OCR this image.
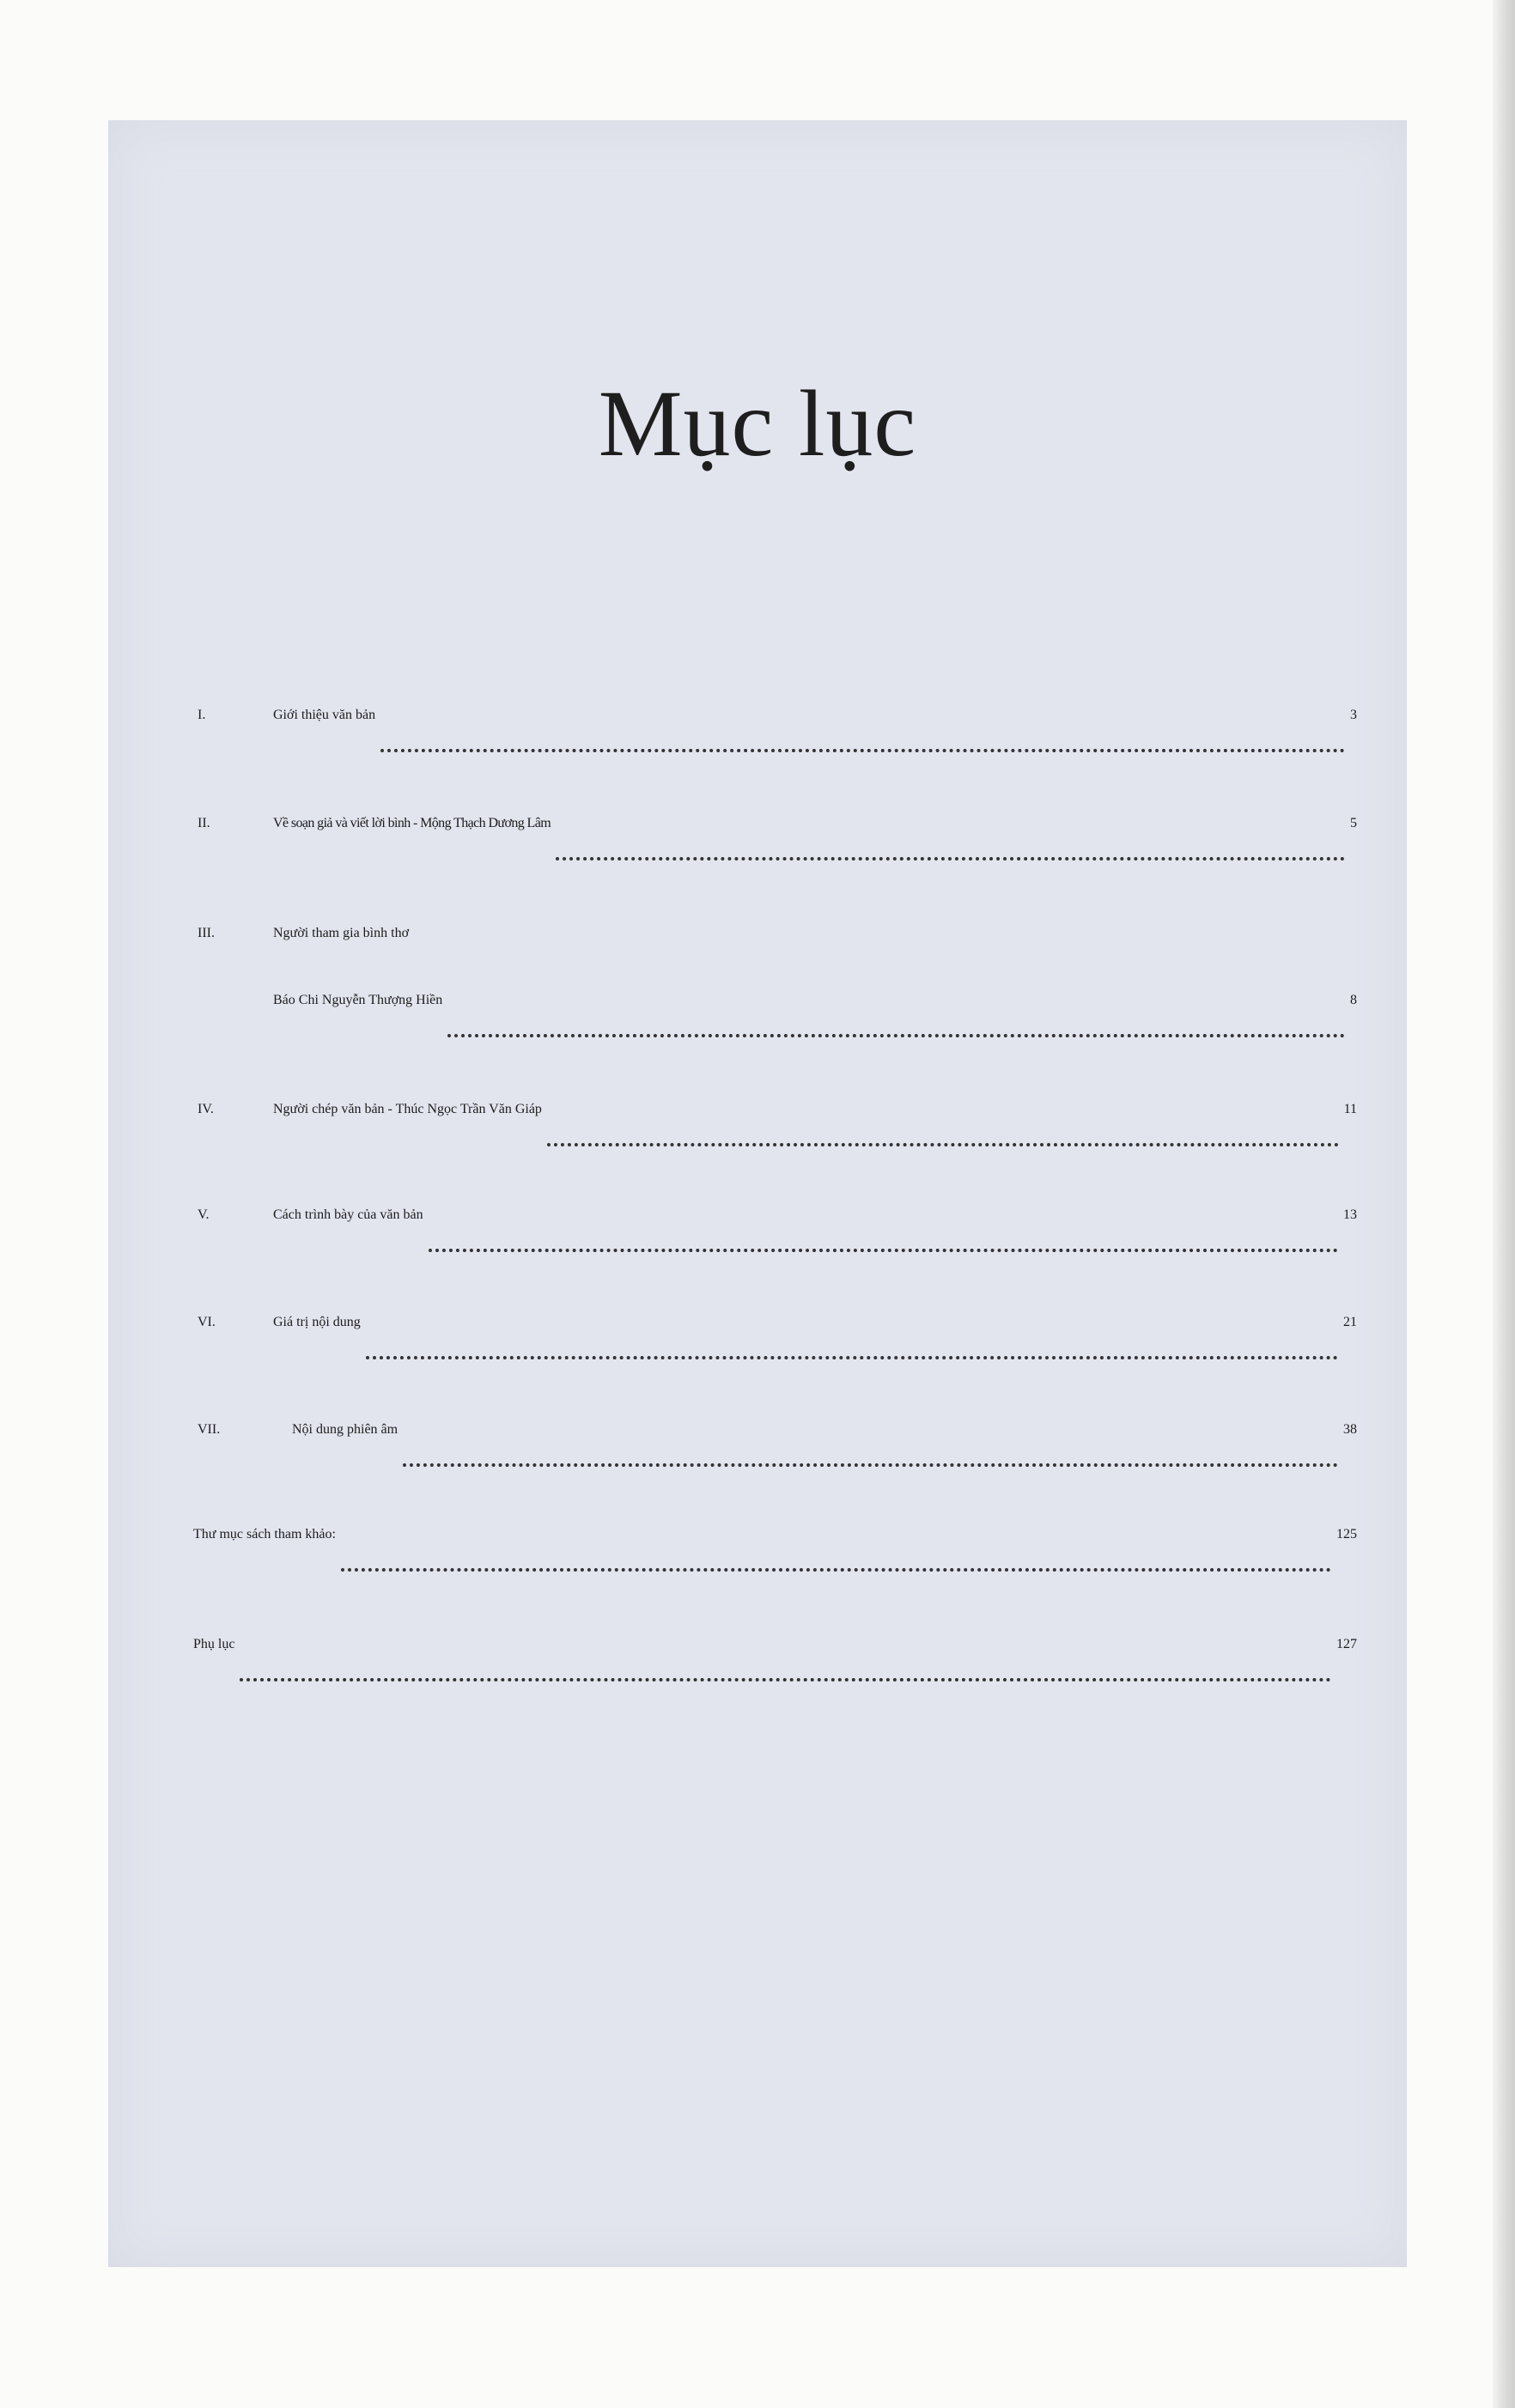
Mục lục
I.	Giới thiệu văn bản	3
II.	Về soạn giả và viết lời bình - Mộng Thạch Dương Lâm	5
III.	Người tham gia bình thơ
Báo Chi Nguyễn Thượng Hiền	8
IV.	Người chép văn bản - Thúc Ngọc Trần Văn Giáp	11
V.	Cách trình bày của văn bản	13
VI.	Giá trị nội dung	21
VII.	Nội dung phiên âm	38
Thư mục sách tham khảo:	125
Phụ lục	127
